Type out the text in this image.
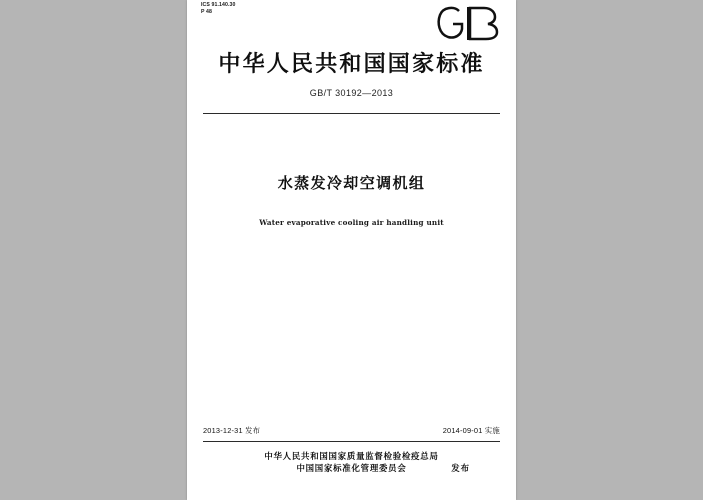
ICS 91.140.30
P 48
中华人民共和国国家标准
GB/T 30192—2013
水蒸发冷却空调机组
Water evaporative cooling air handling unit
2013-12-31 发布	2014-09-01 实施
中华人民共和国国家质量监督检验检疫总局
中国国家标准化管理委员会	发布
